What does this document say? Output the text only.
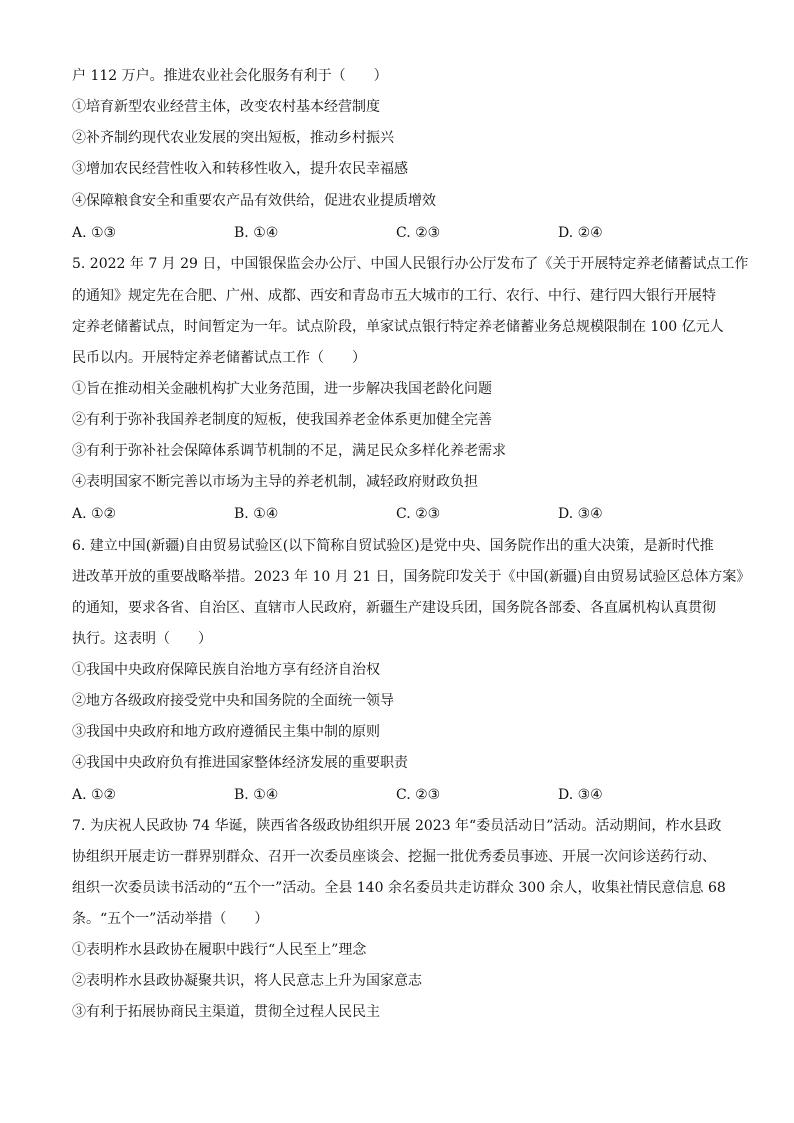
户 112 万户。推进农业社会化服务有利于（　　）
①培育新型农业经营主体，改变农村基本经营制度
②补齐制约现代农业发展的突出短板，推动乡村振兴
③增加农民经营性收入和转移性收入，提升农民幸福感
④保障粮食安全和重要农产品有效供给，促进农业提质增效
A. ①③	B. ①④	C. ②③	D. ②④
5. 2022 年 7 月 29 日，中国银保监会办公厅、中国人民银行办公厅发布了《关于开展特定养老储蓄试点工作
的通知》规定先在合肥、广州、成都、西安和青岛市五大城市的工行、农行、中行、建行四大银行开展特
定养老储蓄试点，时间暂定为一年。试点阶段，单家试点银行特定养老储蓄业务总规模限制在 100 亿元人
民币以内。开展特定养老储蓄试点工作（　　）
①旨在推动相关金融机构扩大业务范围，进一步解决我国老龄化问题
②有利于弥补我国养老制度的短板，使我国养老金体系更加健全完善
③有利于弥补社会保障体系调节机制的不足，满足民众多样化养老需求
④表明国家不断完善以市场为主导的养老机制，减轻政府财政负担
A. ①②	B. ①④	C. ②③	D. ③④
6. 建立中国(新疆)自由贸易试验区(以下简称自贸试验区)是党中央、国务院作出的重大决策，是新时代推
进改革开放的重要战略举措。2023 年 10 月 21 日，国务院印发关于《中国(新疆)自由贸易试验区总体方案》
的通知，要求各省、自治区、直辖市人民政府，新疆生产建设兵团，国务院各部委、各直属机构认真贯彻
执行。这表明（　　）
①我国中央政府保障民族自治地方享有经济自治权
②地方各级政府接受党中央和国务院的全面统一领导
③我国中央政府和地方政府遵循民主集中制的原则
④我国中央政府负有推进国家整体经济发展的重要职责
A. ①②	B. ①④	C. ②③	D. ③④
7. 为庆祝人民政协 74 华诞，陕西省各级政协组织开展 2023 年“委员活动日”活动。活动期间，柞水县政
协组织开展走访一群界别群众、召开一次委员座谈会、挖掘一批优秀委员事迹、开展一次问诊送药行动、
组织一次委员读书活动的“五个一”活动。全县 140 余名委员共走访群众 300 余人，收集社情民意信息 68
条。“五个一”活动举措（　　）
①表明柞水县政协在履职中践行“人民至上”理念
②表明柞水县政协凝聚共识，将人民意志上升为国家意志
③有利于拓展协商民主渠道，贯彻全过程人民民主
